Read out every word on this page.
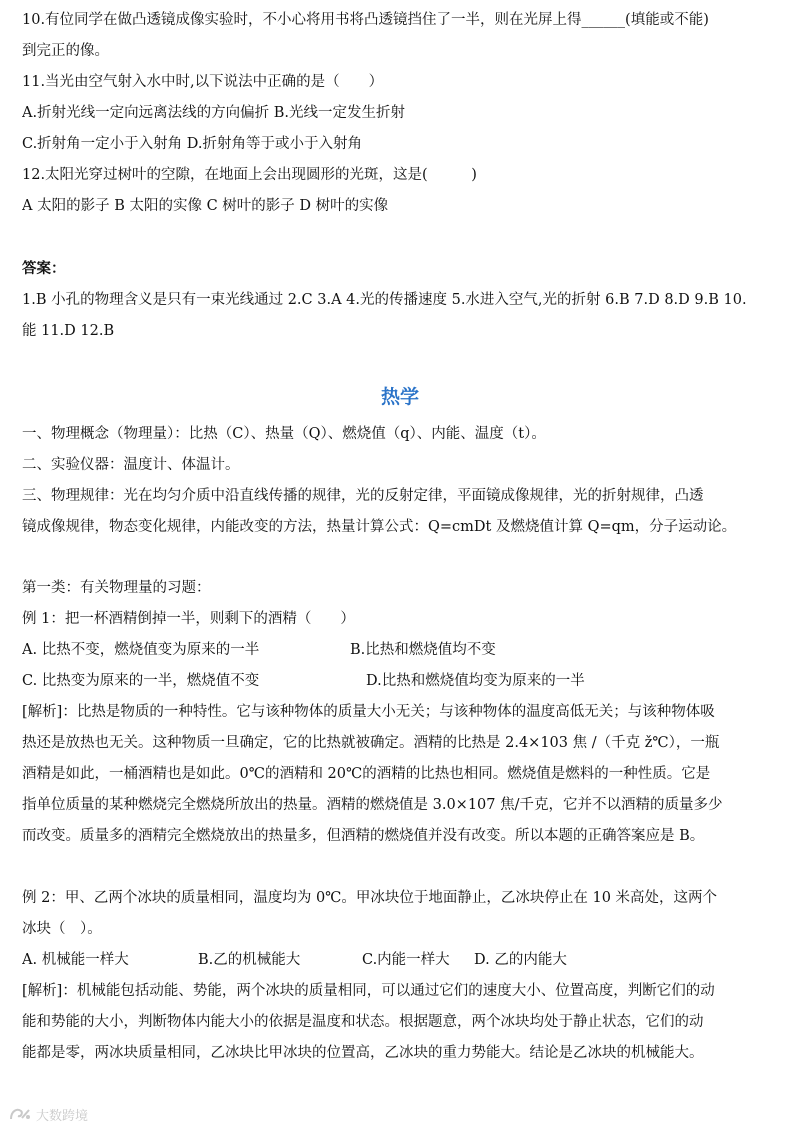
10.有位同学在做凸透镜成像实验时，不小心将用书将凸透镜挡住了一半，则在光屏上得______(填能或不能)
到完正的像。
11.当光由空气射入水中时,以下说法中正确的是（　　）
A.折射光线一定向远离法线的方向偏折 B.光线一定发生折射
C.折射角一定小于入射角 D.折射角等于或小于入射角
12.太阳光穿过树叶的空隙，在地面上会出现圆形的光斑，这是(　　　)
A 太阳的影子 B 太阳的实像 C 树叶的影子 D 树叶的实像
答案：
1.B 小孔的物理含义是只有一束光线通过 2.C 3.A 4.光的传播速度 5.水进入空气,光的折射 6.B 7.D 8.D 9.B 10.
能 11.D 12.B
热学
一、物理概念（物理量）：比热（C）、热量（Q）、燃烧值（q）、内能、温度（t）。
二、实验仪器：温度计、体温计。
三、物理规律：光在均匀介质中沿直线传播的规律，光的反射定律，平面镜成像规律，光的折射规律，凸透
镜成像规律，物态变化规律，内能改变的方法，热量计算公式：Q=cmDt 及燃烧值计算 Q=qm，分子运动论。
第一类：有关物理量的习题：
例 1：把一杯酒精倒掉一半，则剩下的酒精（　　）
A. 比热不变，燃烧值变为原来的一半	B.比热和燃烧值均不变
C. 比热变为原来的一半，燃烧值不变	D.比热和燃烧值均变为原来的一半
[解析]：比热是物质的一种特性。它与该种物体的质量大小无关；与该种物体的温度高低无关；与该种物体吸
热还是放热也无关。这种物质一旦确定，它的比热就被确定。酒精的比热是 2.4×103 焦 /（千克 ž℃），一瓶
酒精是如此，一桶酒精也是如此。0℃的酒精和 20℃的酒精的比热也相同。燃烧值是燃料的一种性质。它是
指单位质量的某种燃烧完全燃烧所放出的热量。酒精的燃烧值是 3.0×107 焦/千克，它并不以酒精的质量多少
而改变。质量多的酒精完全燃烧放出的热量多，但酒精的燃烧值并没有改变。所以本题的正确答案应是 B。
例 2：甲、乙两个冰块的质量相同，温度均为 0℃。甲冰块位于地面静止，乙冰块停止在 10 米高处，这两个
冰块（　）。
A. 机械能一样大	B.乙的机械能大	C.内能一样大	D. 乙的内能大
[解析]：机械能包括动能、势能，两个冰块的质量相同，可以通过它们的速度大小、位置高度，判断它们的动
能和势能的大小，判断物体内能大小的依据是温度和状态。根据题意，两个冰块均处于静止状态，它们的动
能都是零，两冰块质量相同，乙冰块比甲冰块的位置高，乙冰块的重力势能大。结论是乙冰块的机械能大。
大数跨境
